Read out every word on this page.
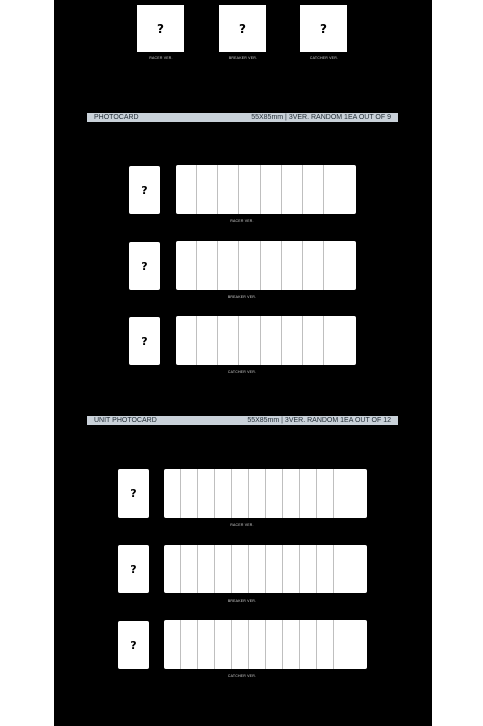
?
RACER VER.
?
BREAKER VER.
?
CATCHER VER.
PHOTOCARD	55X85mm | 3VER. RANDOM 1EA OUT OF 9
?
RACER VER.
?
BREAKER VER.
?
CATCHER VER.
UNIT PHOTOCARD	55X85mm | 3VER. RANDOM 1EA OUT OF 12
?
RACER VER.
?
BREAKER VER.
?
CATCHER VER.
